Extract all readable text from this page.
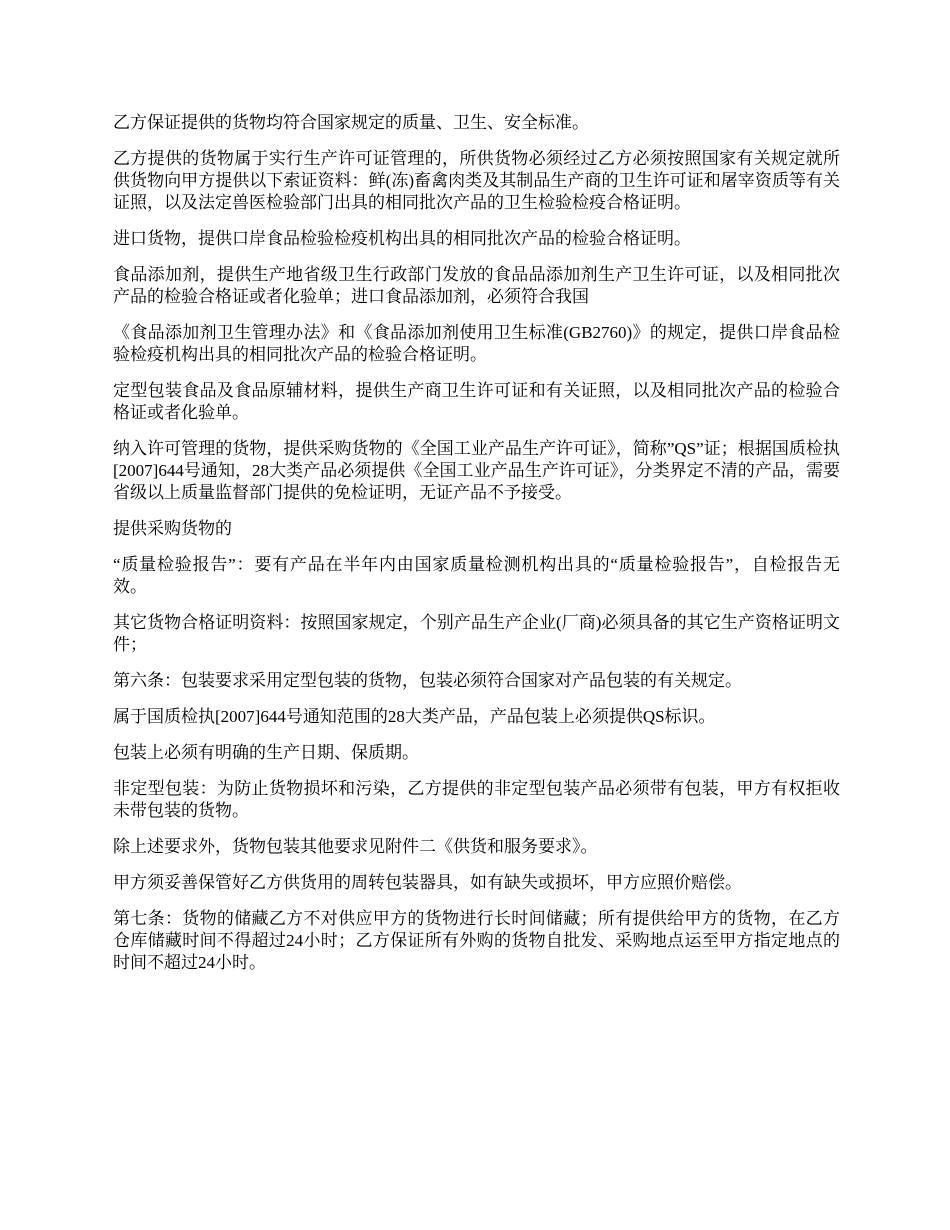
乙方保证提供的货物均符合国家规定的质量、卫生、安全标准。

乙方提供的货物属于实行生产许可证管理的，所供货物必须经过乙方必须按照国家有关规定就所供货物向甲方提供以下索证资料：鲜(冻)畜禽肉类及其制品生产商的卫生许可证和屠宰资质等有关证照，以及法定兽医检验部门出具的相同批次产品的卫生检验检疫合格证明。

进口货物，提供口岸食品检验检疫机构出具的相同批次产品的检验合格证明。

食品添加剂，提供生产地省级卫生行政部门发放的食品品添加剂生产卫生许可证，以及相同批次产品的检验合格证或者化验单；进口食品添加剂，必须符合我国

《食品添加剂卫生管理办法》和《食品添加剂使用卫生标准(GB2760)》的规定，提供口岸食品检验检疫机构出具的相同批次产品的检验合格证明。

定型包装食品及食品原辅材料，提供生产商卫生许可证和有关证照，以及相同批次产品的检验合格证或者化验单。

纳入许可管理的货物，提供采购货物的《全国工业产品生产许可证》，简称”QS”证；根据国质检执[2007]644号通知，28大类产品必须提供《全国工业产品生产许可证》，分类界定不清的产品，需要省级以上质量监督部门提供的免检证明，无证产品不予接受。

提供采购货物的

“质量检验报告”：要有产品在半年内由国家质量检测机构出具的“质量检验报告”，自检报告无效。

其它货物合格证明资料：按照国家规定，个别产品生产企业(厂商)必须具备的其它生产资格证明文件；

第六条：包装要求采用定型包装的货物，包装必须符合国家对产品包装的有关规定。

属于国质检执[2007]644号通知范围的28大类产品，产品包装上必须提供QS标识。

包装上必须有明确的生产日期、保质期。

非定型包装：为防止货物损坏和污染，乙方提供的非定型包装产品必须带有包装，甲方有权拒收未带包装的货物。

除上述要求外，货物包装其他要求见附件二《供货和服务要求》。

甲方须妥善保管好乙方供货用的周转包装器具，如有缺失或损坏，甲方应照价赔偿。

第七条：货物的储藏乙方不对供应甲方的货物进行长时间储藏；所有提供给甲方的货物，在乙方仓库储藏时间不得超过24小时；乙方保证所有外购的货物自批发、采购地点运至甲方指定地点的时间不超过24小时。
